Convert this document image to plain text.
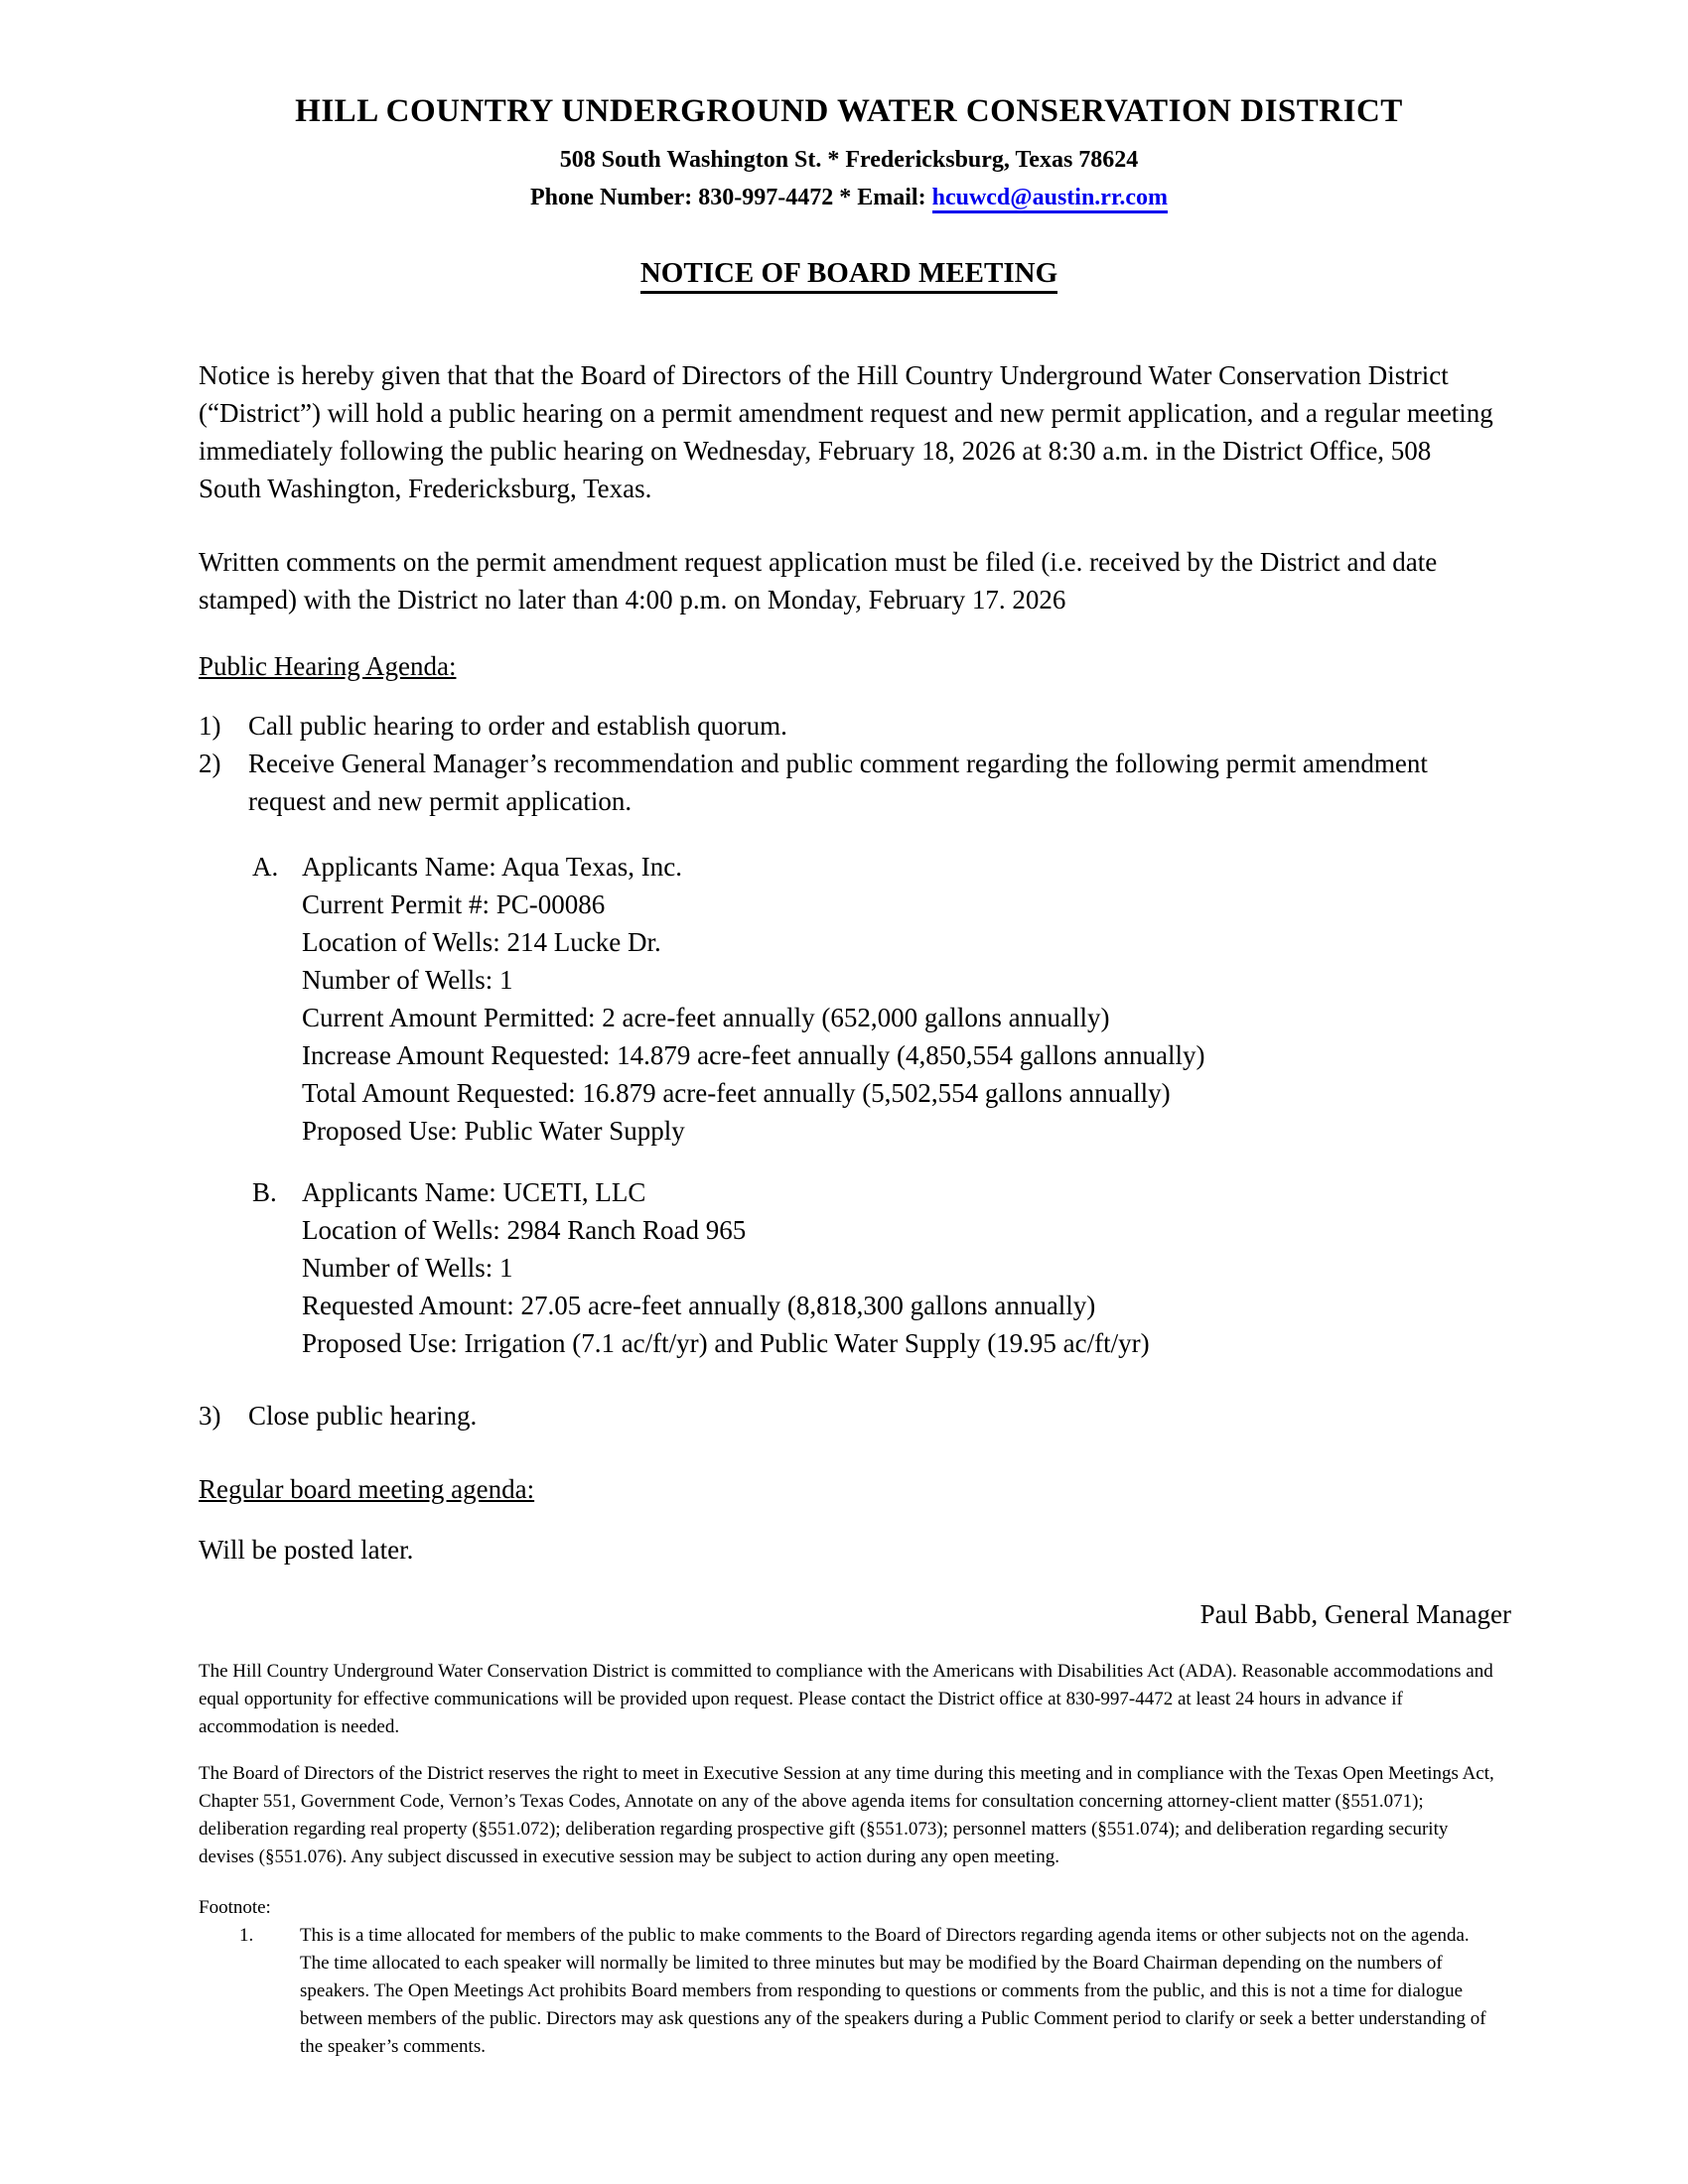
HILL COUNTRY UNDERGROUND WATER CONSERVATION DISTRICT
508 South Washington St. * Fredericksburg, Texas 78624
Phone Number: 830-997-4472 * Email: hcuwcd@austin.rr.com
NOTICE OF BOARD MEETING
Notice is hereby given that that the Board of Directors of the Hill Country Underground Water Conservation District (“District”) will hold a public hearing on a permit amendment request and new permit application, and a regular meeting immediately following the public hearing on Wednesday, February 18, 2026 at 8:30 a.m. in the District Office, 508 South Washington, Fredericksburg, Texas.
Written comments on the permit amendment request application must be filed (i.e. received by the District and date stamped) with the District no later than 4:00 p.m. on Monday, February 17. 2026
Public Hearing Agenda:
1)	Call public hearing to order and establish quorum.
2)	Receive General Manager’s recommendation and public comment regarding the following permit amendment request and new permit application.
A. Applicants Name: Aqua Texas, Inc.
Current Permit #: PC-00086
Location of Wells: 214 Lucke Dr.
Number of Wells: 1
Current Amount Permitted: 2 acre-feet annually (652,000 gallons annually)
Increase Amount Requested: 14.879 acre-feet annually (4,850,554 gallons annually)
Total Amount Requested: 16.879 acre-feet annually (5,502,554 gallons annually)
Proposed Use: Public Water Supply
B. Applicants Name: UCETI, LLC
Location of Wells: 2984 Ranch Road 965
Number of Wells: 1
Requested Amount: 27.05 acre-feet annually (8,818,300 gallons annually)
Proposed Use: Irrigation (7.1 ac/ft/yr) and Public Water Supply (19.95 ac/ft/yr)
3)	Close public hearing.
Regular board meeting agenda:
Will be posted later.
Paul Babb, General Manager
The Hill Country Underground Water Conservation District is committed to compliance with the Americans with Disabilities Act (ADA). Reasonable accommodations and equal opportunity for effective communications will be provided upon request. Please contact the District office at 830-997-4472 at least 24 hours in advance if accommodation is needed.
The Board of Directors of the District reserves the right to meet in Executive Session at any time during this meeting and in compliance with the Texas Open Meetings Act, Chapter 551, Government Code, Vernon’s Texas Codes, Annotate on any of the above agenda items for consultation concerning attorney-client matter (§551.071); deliberation regarding real property (§551.072); deliberation regarding prospective gift (§551.073); personnel matters (§551.074); and deliberation regarding security devises (§551.076). Any subject discussed in executive session may be subject to action during any open meeting.
Footnote:
1.	This is a time allocated for members of the public to make comments to the Board of Directors regarding agenda items or other subjects not on the agenda. The time allocated to each speaker will normally be limited to three minutes but may be modified by the Board Chairman depending on the numbers of speakers. The Open Meetings Act prohibits Board members from responding to questions or comments from the public, and this is not a time for dialogue between members of the public. Directors may ask questions any of the speakers during a Public Comment period to clarify or seek a better understanding of the speaker’s comments.
